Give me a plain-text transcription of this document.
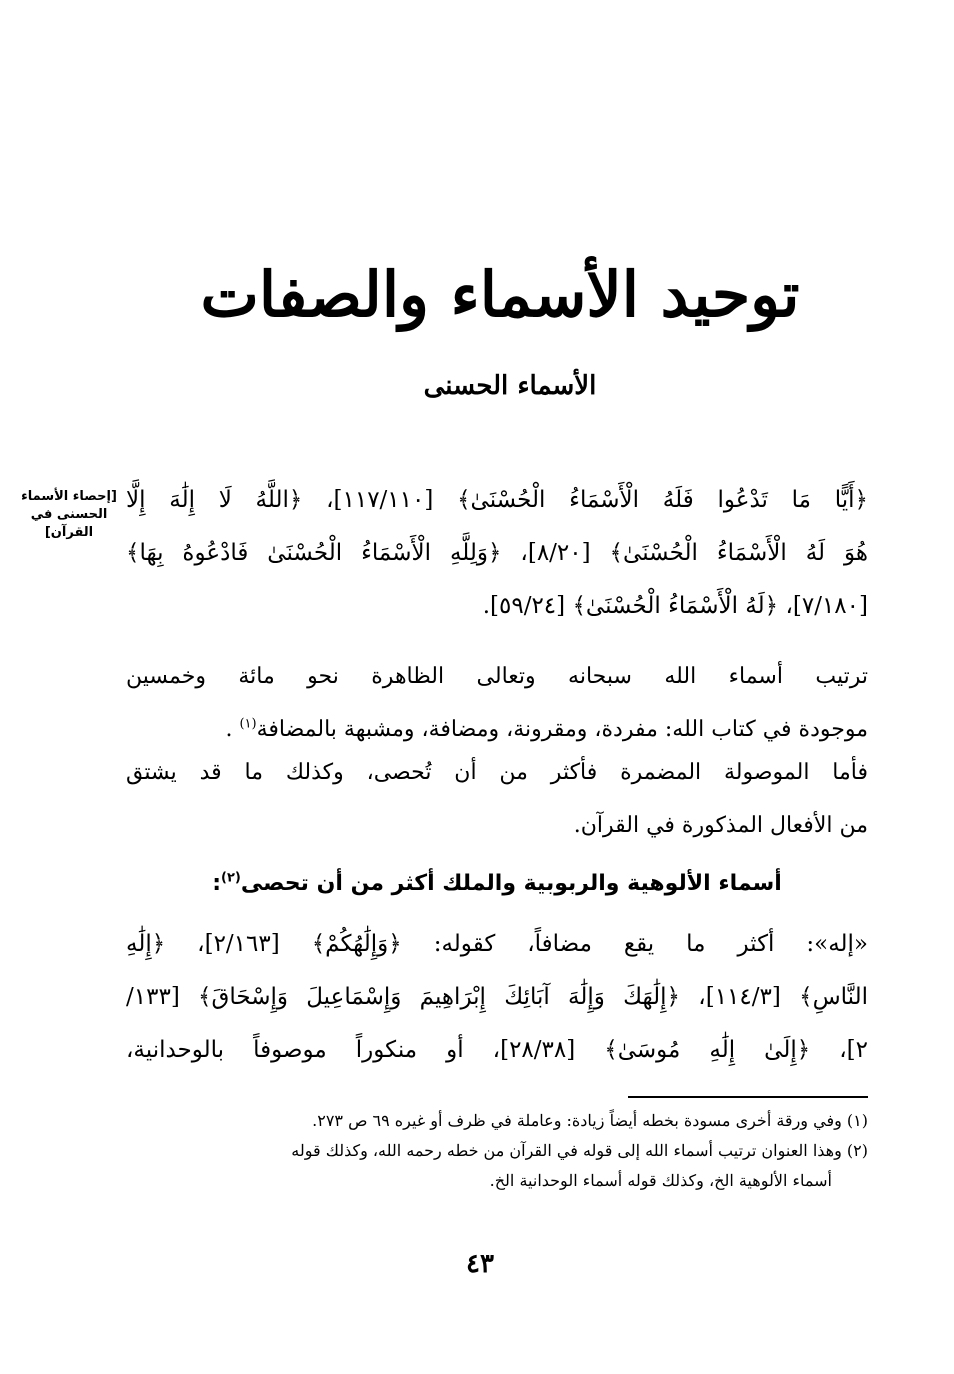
توحيد الأسماء والصفات
الأسماء الحسنى
[إحصاء الأسماء الحسنى في القرآن]
﴿أَيًّا مَا تَدْعُوا فَلَهُ الْأَسْمَاءُ الْحُسْنَىٰ﴾ [١١٧/١١٠]، ﴿اللَّهُ لَا إِلَٰهَ إِلَّا
هُوَ لَهُ الْأَسْمَاءُ الْحُسْنَىٰ﴾ [٨/٢٠]، ﴿وَلِلَّهِ الْأَسْمَاءُ الْحُسْنَىٰ فَادْعُوهُ بِهَا﴾
[٧/١٨٠]، ﴿لَهُ الْأَسْمَاءُ الْحُسْنَىٰ﴾ [٥٩/٢٤].
ترتيب أسماء الله سبحانه وتعالى الظاهرة نحو مائة وخمسين
موجودة في كتاب الله: مفردة، ومقرونة، ومضافة، ومشبهة بالمضافة$^{(١)}$ .
فأما الموصولة المضمرة فأكثر من أن تُحصى، وكذلك ما قد يشتق
من الأفعال المذكورة في القرآن.
أسماء الألوهية والربوبية والملك أكثر من أن تحصى$^{(٢)}$:
«إله»: أكثر ما يقع مضافاً، كقوله: ﴿وَإِلَٰهُكُمْ﴾ [٢/١٦٣]، ﴿إِلَٰهِ
النَّاسِ﴾ [١١٤/٣]، ﴿إِلَٰهَكَ وَإِلَٰهَ آبَائِكَ إِبْرَاهِيمَ وَإِسْمَاعِيلَ وَإِسْحَاقَ﴾ [١٣٣/
٢]، ﴿إِلَىٰ إِلَٰهِ مُوسَىٰ﴾ [٢٨/٣٨]، أو منكوراً موصوفاً بالوحدانية،
(١) وفي ورقة أخرى مسودة بخطه أيضاً زيادة: وعاملة في ظرف أو غيره ٦٩ ص ٢٧٣.
(٢) وهذا العنوان ترتيب أسماء الله إلى قوله في القرآن من خطه رحمه الله، وكذلك قوله
أسماء الألوهية الخ، وكذلك قوله أسماء الوحدانية الخ.
٤٣
